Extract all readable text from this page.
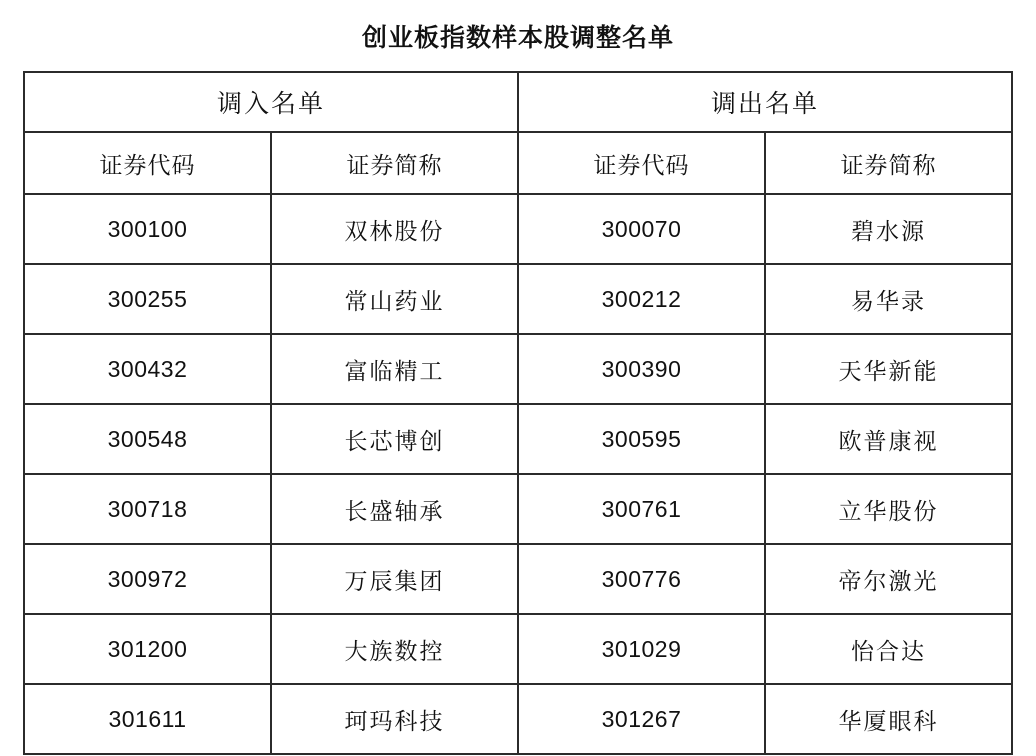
创业板指数样本股调整名单
调入名单		调出名单	
证券代码	证券简称	证券代码	证券简称
300100	双林股份	300070	碧水源
300255	常山药业	300212	易华录
300432	富临精工	300390	天华新能
300548	长芯博创	300595	欧普康视
300718	长盛轴承	300761	立华股份
300972	万辰集团	300776	帝尔激光
301200	大族数控	301029	怡合达
301611	珂玛科技	301267	华厦眼科
